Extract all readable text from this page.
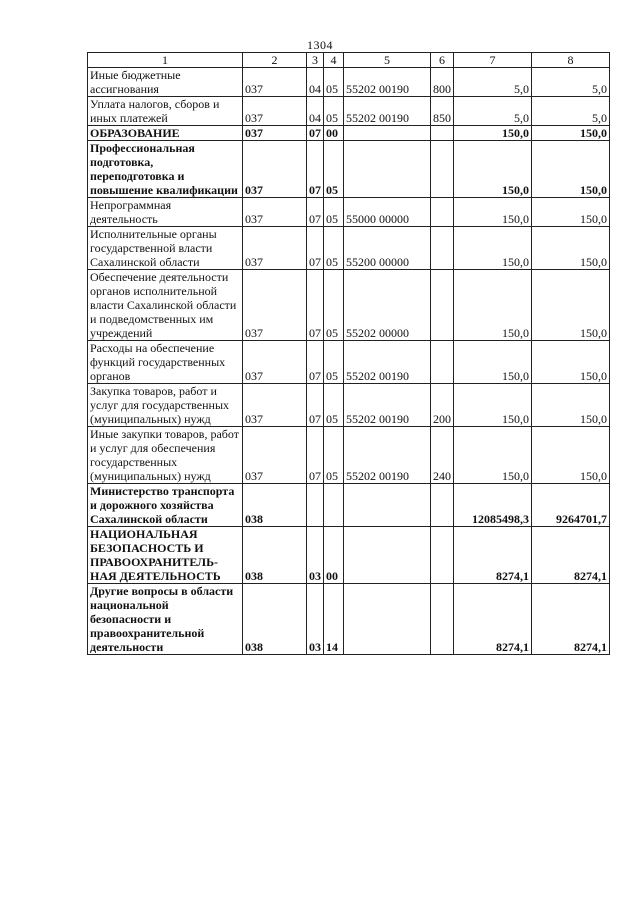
1304
1	2	3	4	5	6	7	8
Иные бюджетные ассигнования	037	04	05	55202 00190	800	5,0	5,0
Уплата налогов, сборов и иных платежей	037	04	05	55202 00190	850	5,0	5,0
ОБРАЗОВАНИЕ	037	07	00			150,0	150,0
Профессиональная подготовка, переподготовка и повышение квалификации	037	07	05			150,0	150,0
Непрограммная деятельность	037	07	05	55000 00000		150,0	150,0
Исполнительные органы государственной власти Сахалинской области	037	07	05	55200 00000		150,0	150,0
Обеспечение деятельности органов исполнительной власти Сахалинской области и подведомственных им учреждений	037	07	05	55202 00000		150,0	150,0
Расходы на обеспечение функций государственных органов	037	07	05	55202 00190		150,0	150,0
Закупка товаров, работ и услуг для государственных (муниципальных) нужд	037	07	05	55202 00190	200	150,0	150,0
Иные закупки товаров, работ и услуг для обеспечения государственных (муниципальных) нужд	037	07	05	55202 00190	240	150,0	150,0
Министерство транспорта и дорожного хозяйства Сахалинской области	038					12085498,3	9264701,7
НАЦИОНАЛЬНАЯ БЕЗОПАСНОСТЬ И ПРАВООХРАНИТЕЛЬ-НАЯ ДЕЯТЕЛЬНОСТЬ	038	03	00			8274,1	8274,1
Другие вопросы в области национальной безопасности и правоохранительной деятельности	038	03	14			8274,1	8274,1
